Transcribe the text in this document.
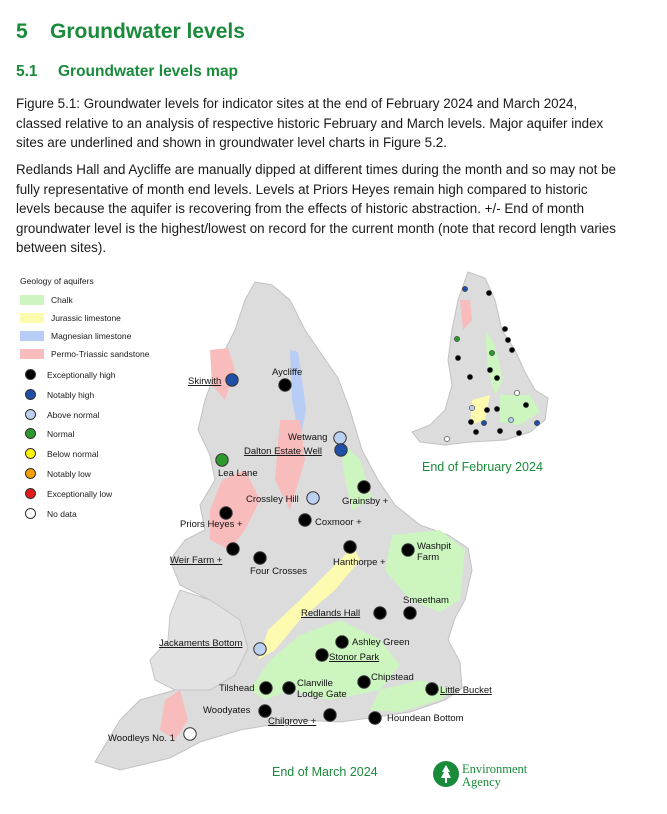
5 Groundwater levels
5.1 Groundwater levels map

Figure 5.1: Groundwater levels for indicator sites at the end of February 2024 and March 2024, classed relative to an analysis of respective historic February and March levels. Major aquifer index sites are underlined and shown in groundwater level charts in Figure 5.2.

Redlands Hall and Aycliffe are manually dipped at different times during the month and so may not be fully representative of month end levels. Levels at Priors Heyes remain high compared to historic levels because the aquifer is recovering from the effects of historic abstraction. +/- End of month groundwater level is the highest/lowest on record for the current month (note that record length varies between sites).

Skirwith
Aycliffe
Wetwang
Dalton Estate Well
Lea Lane
Crossley Hill	Grainsby +
Priors Heyes +	Coxmoor +
Weir Farm +
Four Crosses
Hanthorpe +
Washpit Farm
Redlands Hall
Smeetham
Jackaments Bottom	Ashley Green
Stonor Park
Tilshead	Clanville Lodge Gate
Chipstead
Little Bucket
Woodyates
Chilgrove +	Houndean Bottom
Woodleys No. 1
End of March 2024
End of February 2024
Geology of aquifers
Chalk
Jurassic limestone
Magnesian limestone
Permo-Triassic sandstone
Exceptionally high
Notably high
Above normal
Normal
Below normal
Notably low
Exceptionally low
No data
Environment
Agency
